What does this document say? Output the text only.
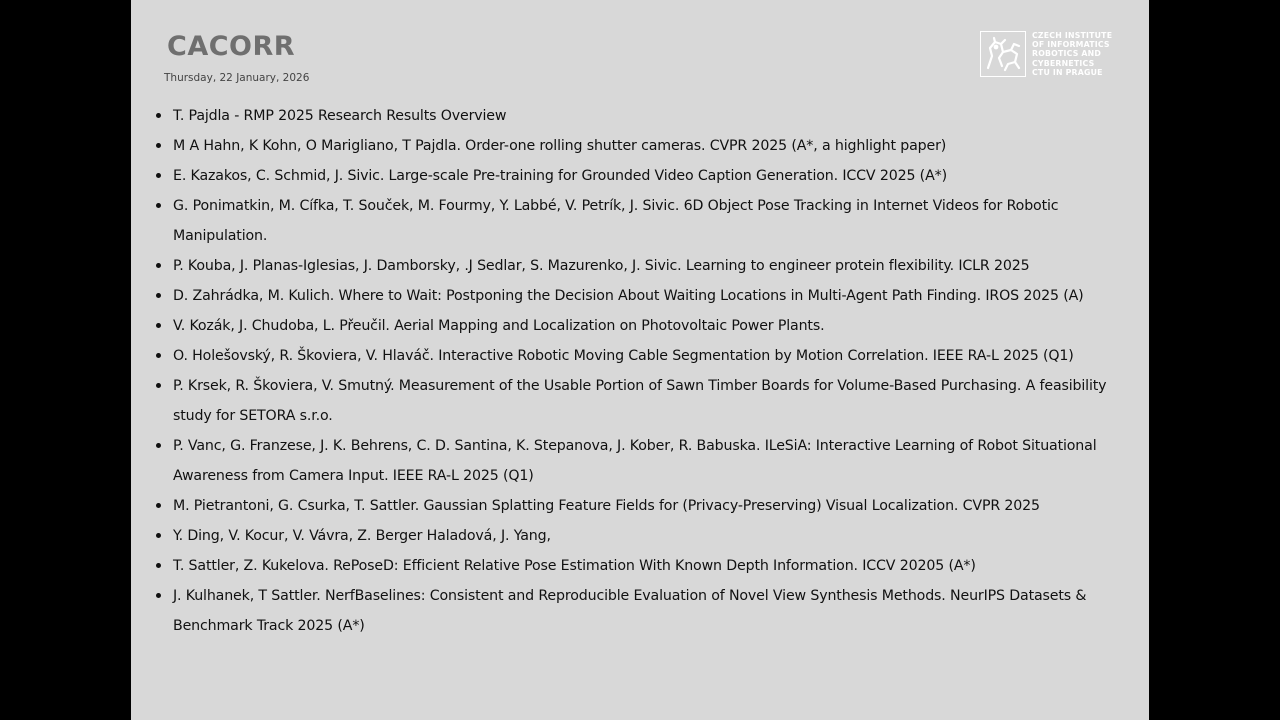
CACORR
Thursday, 22 January, 2026
CZECH INSTITUTE
OF INFORMATICS
ROBOTICS AND
CYBERNETICS
CTU IN PRAGUE
T. Pajdla - RMP 2025 Research Results Overview
M A Hahn, K Kohn, O Marigliano, T Pajdla. Order-one rolling shutter cameras. CVPR 2025 (A*, a highlight paper)
E. Kazakos, C. Schmid, J. Sivic. Large-scale Pre-training for Grounded Video Caption Generation. ICCV 2025 (A*)
G. Ponimatkin, M. Cífka, T. Souček, M. Fourmy, Y. Labbé, V. Petrík, J. Sivic. 6D Object Pose Tracking in Internet Videos for Robotic Manipulation.
P. Kouba, J. Planas-Iglesias, J. Damborsky, .J Sedlar, S. Mazurenko, J. Sivic. Learning to engineer protein flexibility. ICLR 2025
D. Zahrádka, M. Kulich. Where to Wait: Postponing the Decision About Waiting Locations in Multi-Agent Path Finding. IROS 2025 (A)
V. Kozák, J. Chudoba, L. Přeučil. Aerial Mapping and Localization on Photovoltaic Power Plants.
O. Holešovský, R. Škoviera, V. Hlaváč. Interactive Robotic Moving Cable Segmentation by Motion Correlation. IEEE RA-L 2025 (Q1)
P. Krsek, R. Škoviera, V. Smutný. Measurement of the Usable Portion of Sawn Timber Boards for Volume-Based Purchasing. A feasibility study for SETORA s.r.o.
P. Vanc, G. Franzese, J. K. Behrens, C. D. Santina, K. Stepanova, J. Kober, R. Babuska. ILeSiA: Interactive Learning of Robot Situational Awareness from Camera Input. IEEE RA-L 2025 (Q1)
M. Pietrantoni, G. Csurka, T. Sattler. Gaussian Splatting Feature Fields for (Privacy-Preserving) Visual Localization. CVPR 2025
Y. Ding, V. Kocur, V. Vávra, Z. Berger Haladová, J. Yang,
T. Sattler, Z. Kukelova. RePoseD: Efficient Relative Pose Estimation With Known Depth Information. ICCV 20205 (A*)
J. Kulhanek, T Sattler. NerfBaselines: Consistent and Reproducible Evaluation of Novel View Synthesis Methods. NeurIPS Datasets & Benchmark Track 2025 (A*)
